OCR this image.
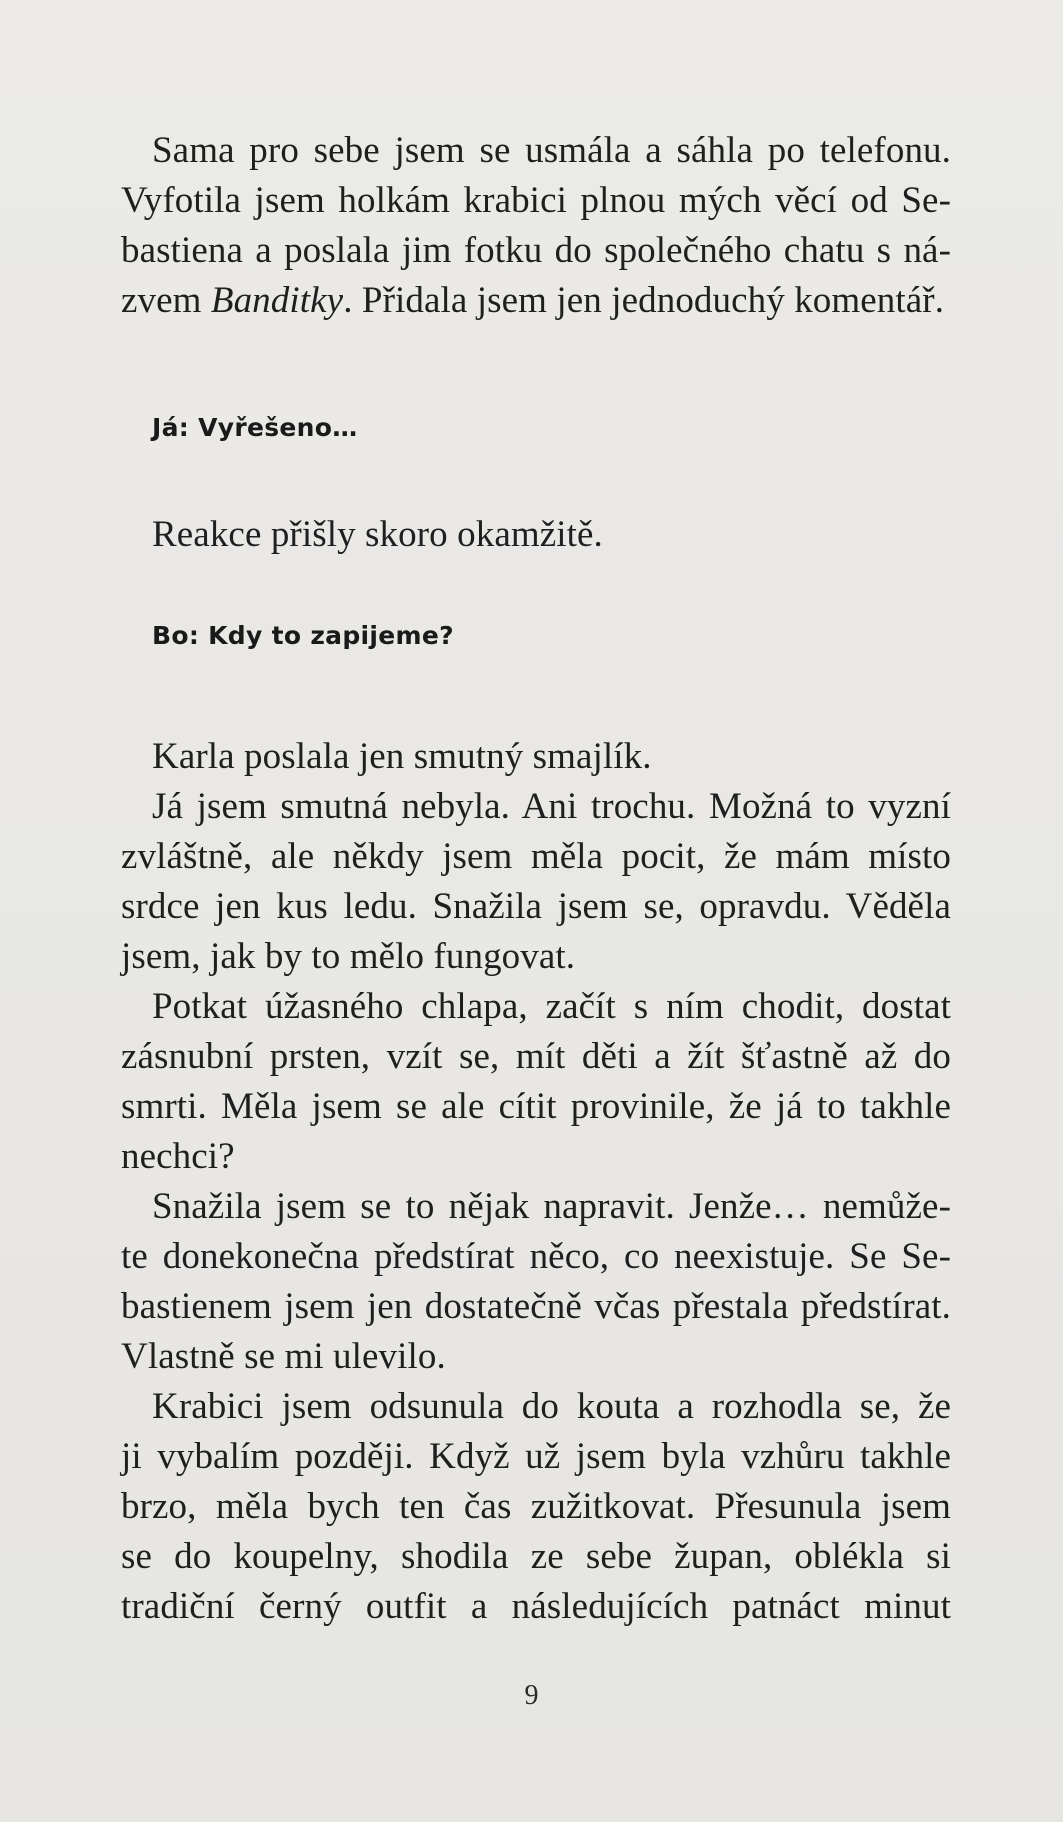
Sama pro sebe jsem se usmála a sáhla po telefonu.
Vyfotila jsem holkám krabici plnou mých věcí od Se-
bastiena a poslala jim fotku do společného chatu s ná-
zvem Banditky. Přidala jsem jen jednoduchý komentář.
Já: Vyřešeno…
Reakce přišly skoro okamžitě.
Bo: Kdy to zapijeme?
Karla poslala jen smutný smajlík.
Já jsem smutná nebyla. Ani trochu. Možná to vyzní
zvláštně, ale někdy jsem měla pocit, že mám místo
srdce jen kus ledu. Snažila jsem se, opravdu. Věděla
jsem, jak by to mělo fungovat.
Potkat úžasného chlapa, začít s ním chodit, dostat
zásnubní prsten, vzít se, mít děti a žít šťastně až do
smrti. Měla jsem se ale cítit provinile, že já to takhle
nechci?
Snažila jsem se to nějak napravit. Jenže… nemůže-
te donekonečna předstírat něco, co neexistuje. Se Se-
bastienem jsem jen dostatečně včas přestala předstírat.
Vlastně se mi ulevilo.
Krabici jsem odsunula do kouta a rozhodla se, že
ji vybalím později. Když už jsem byla vzhůru takhle
brzo, měla bych ten čas zužitkovat. Přesunula jsem
se do koupelny, shodila ze sebe župan, oblékla si
tradiční černý outfit a následujících patnáct minut
9
